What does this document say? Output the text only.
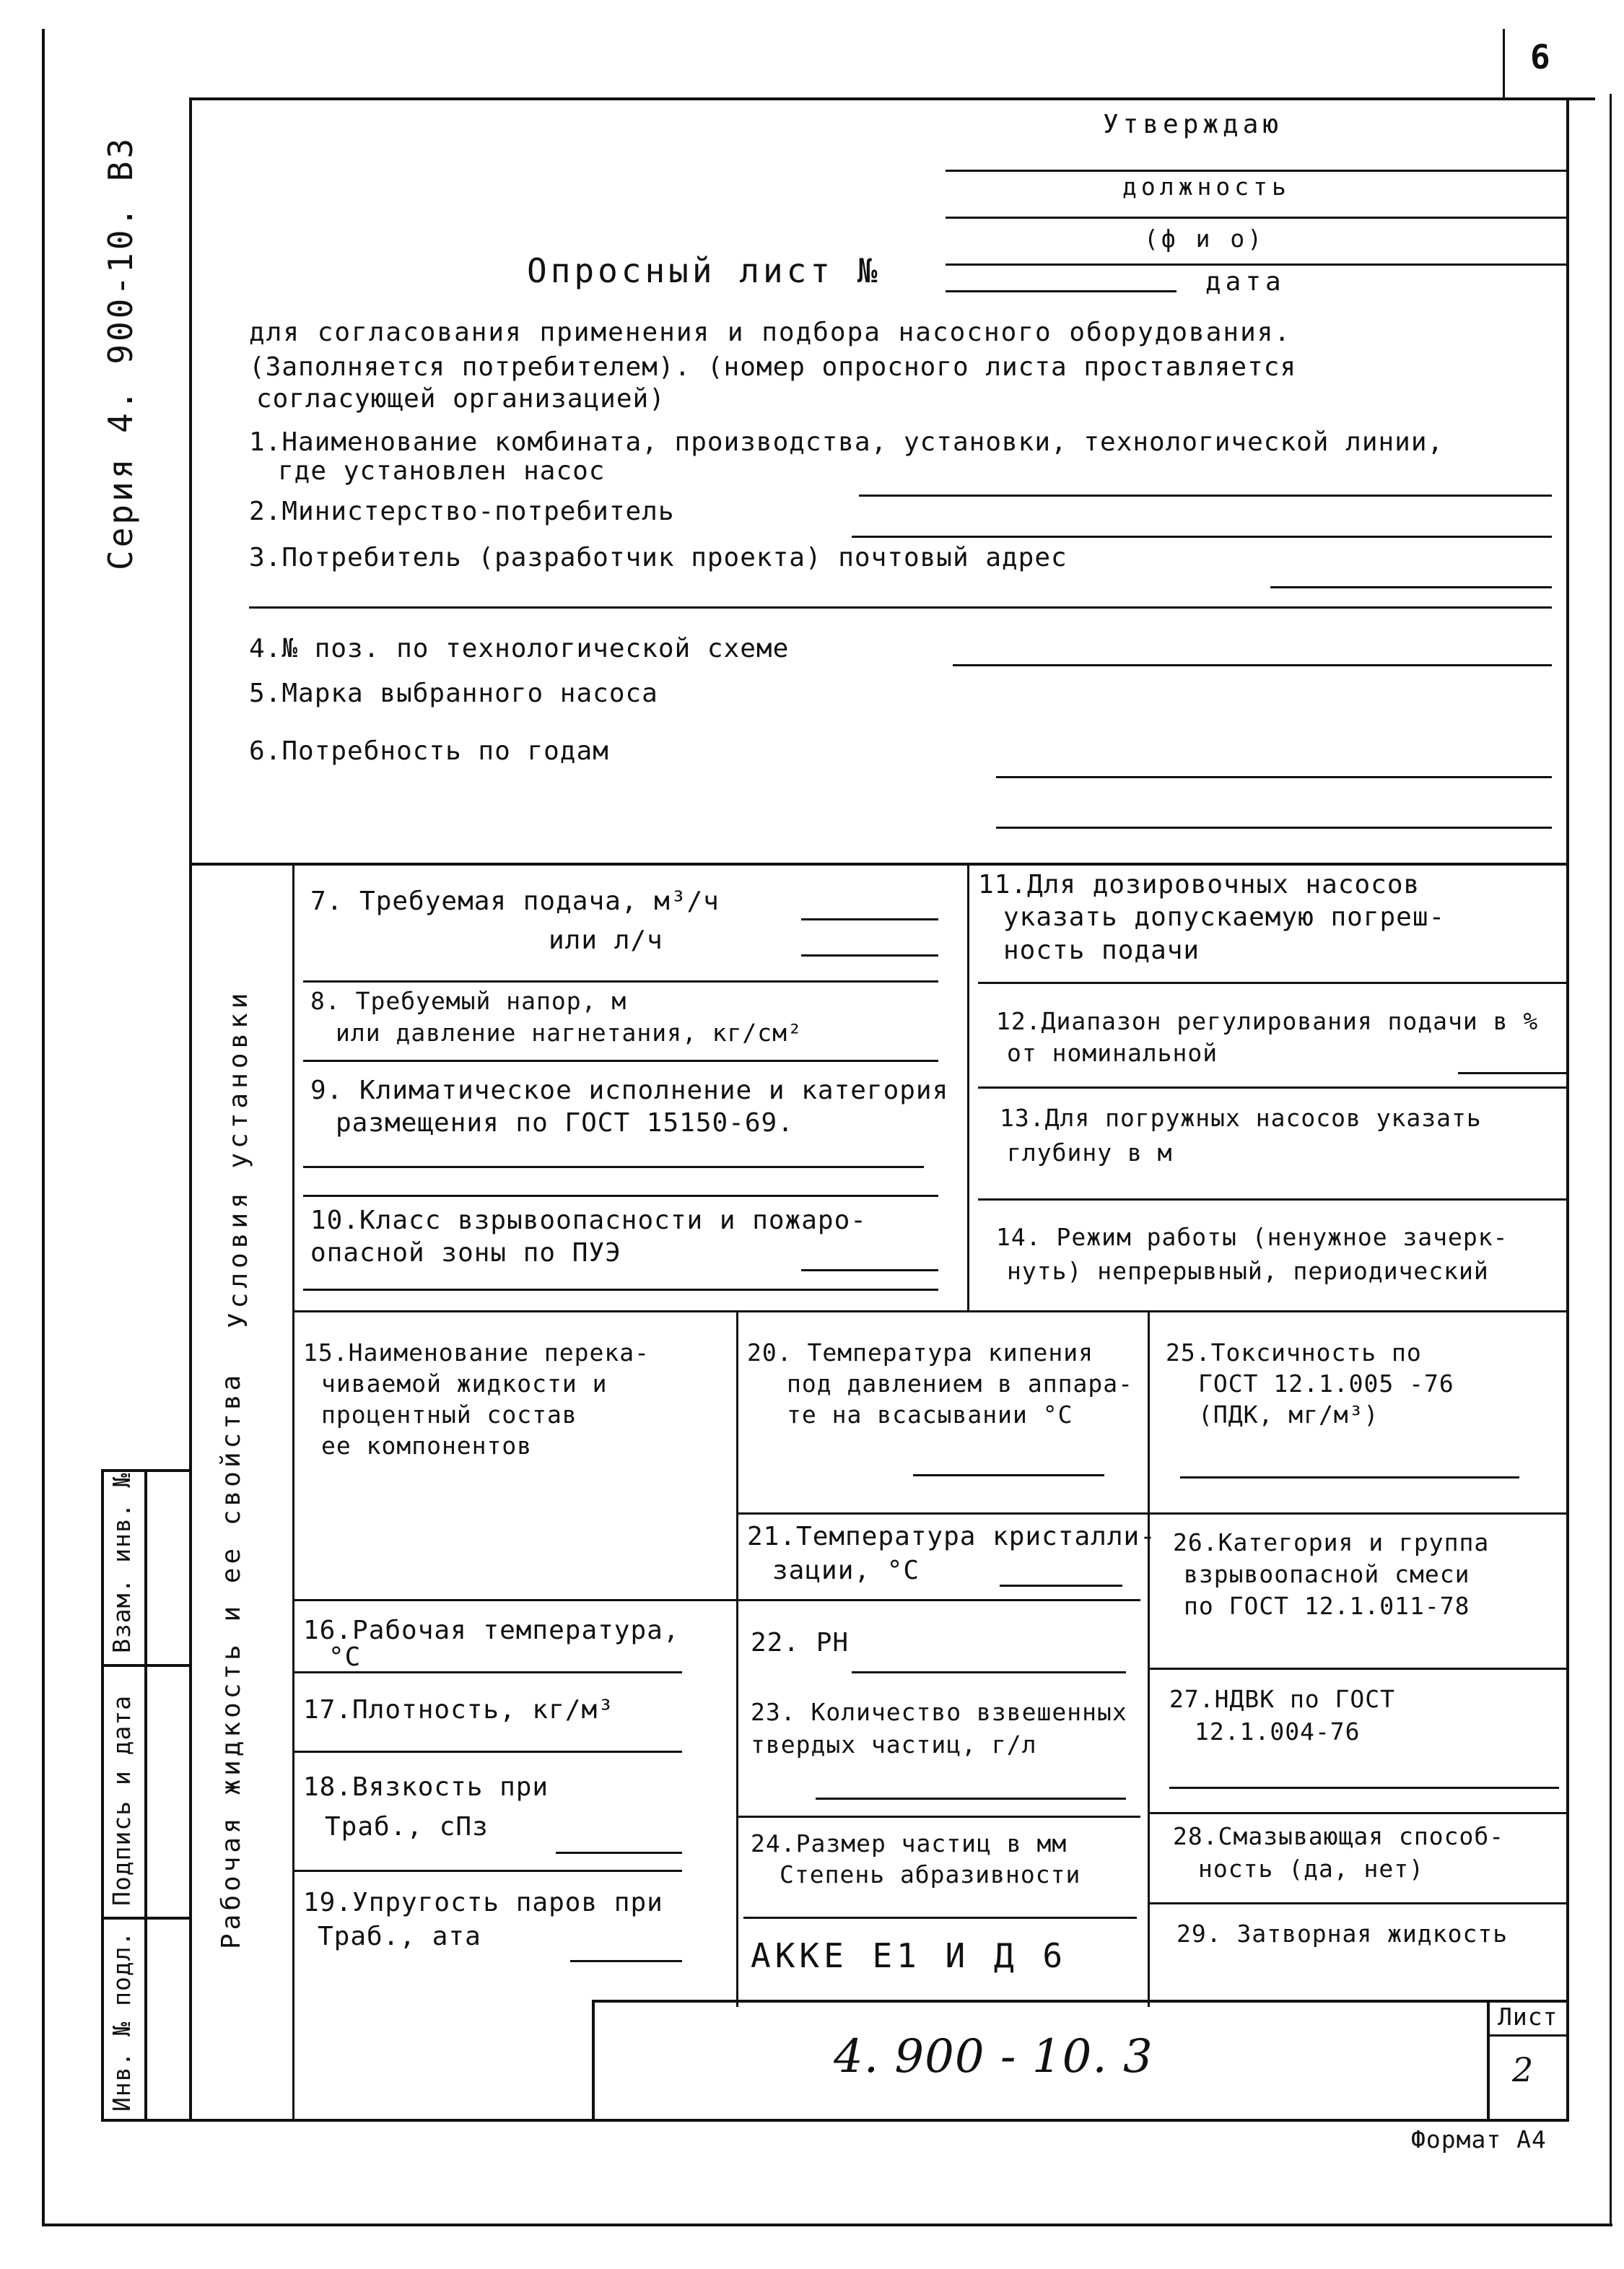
6
Серия 4. 900-10. В3
Утверждаю
должность
(ф и о)
дата
Опросный лист №
для согласования применения и подбора насосного оборудования.
(Заполняется потребителем). (номер опросного листа проставляется
согласующей организацией)
1.Наименование комбината, производства, установки, технологической линии,
где установлен насос
2.Министерство-потребитель
3.Потребитель (разработчик проекта) почтовый адрес
4.№ поз. по технологической схеме
5.Марка выбранного насоса
6.Потребность по годам
Условия установки
7. Требуемая подача, м³/ч
или л/ч
8. Требуемый напор, м
или давление нагнетания, кг/см²
9. Климатическое исполнение и категория
размещения по ГОСТ 15150-69.
10.Класс взрывоопасности и пожаро-
опасной зоны по ПУЭ
11.Для дозировочных насосов
указать допускаемую погреш-
ность подачи
12.Диапазон регулирования подачи в %
от номинальной
13.Для погружных насосов указать
глубину в м
14. Режим работы (ненужное зачерк-
нуть) непрерывный, периодический
Рабочая жидкость и ее свойства
15.Наименование перека-
чиваемой жидкости и
процентный состав
ее компонентов
16.Рабочая температура,
°С
17.Плотность, кг/м³
18.Вязкость при
Траб., сПз
19.Упругость паров при
Траб., ата
20. Температура кипения
под давлением в аппара-
те на всасывании °С
21.Температура кристалли-
зации, °С
22. РН
23. Количество взвешенных
твердых частиц, г/л
24.Размер частиц в мм
Степень абразивности
25.Токсичность по
ГОСТ 12.1.005 -76
(ПДК, мг/м³)
26.Категория и группа
взрывоопасной смеси
по ГОСТ 12.1.011-78
27.НДВК по ГОСТ
12.1.004-76
28.Смазывающая способ-
ность (да, нет)
29. Затворная жидкость
АККЕ Е1 И Д 6
Лист
2
4. 900 - 10. 3
Формат А4
Взам. инв. №
Подпись и дата
Инв. № подл.
